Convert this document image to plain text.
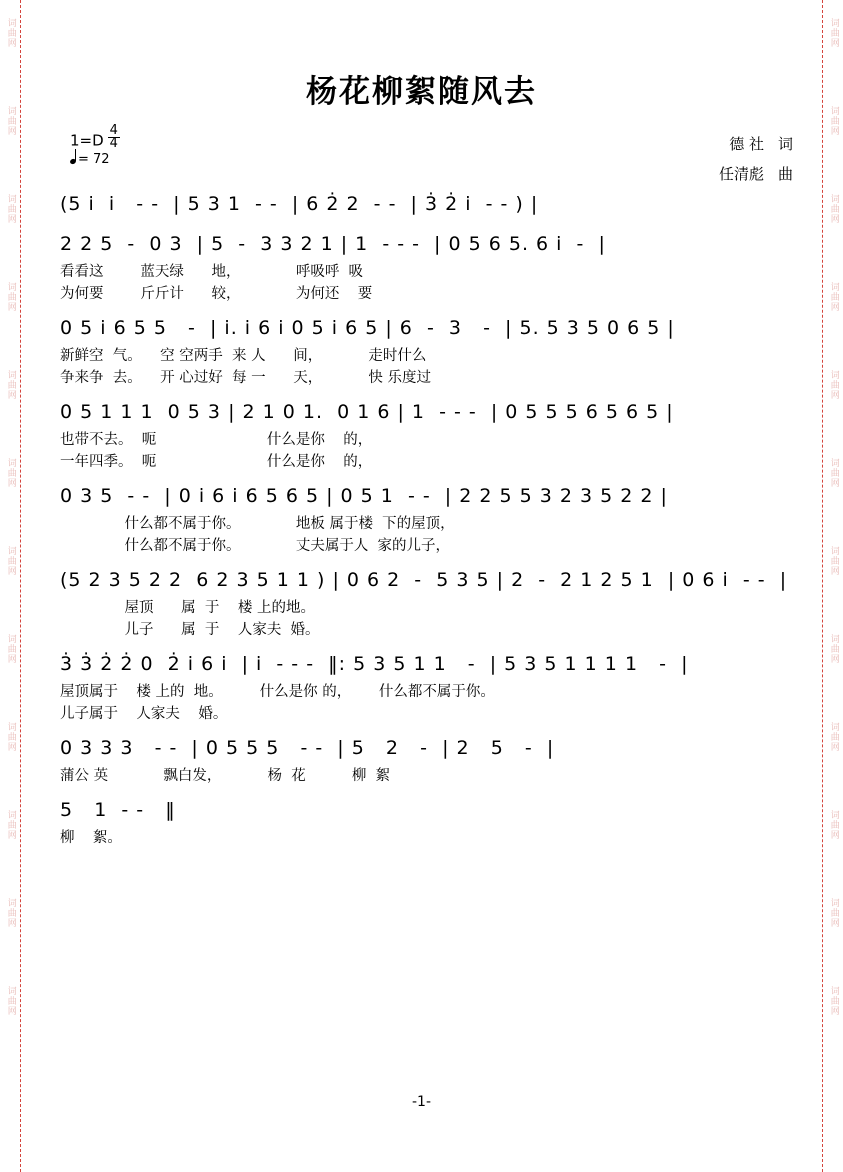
词曲网
词曲网
词曲网
词曲网
词曲网
词曲网
词曲网
词曲网
词曲网
词曲网
词曲网
词曲网
词曲网
词曲网
词曲网
词曲网
词曲网
词曲网
词曲网
词曲网
词曲网
词曲网
词曲网
词曲网
杨花柳絮随风去
$1=D \frac{4}{4}$
= 72
德 社 词
任清彪 曲
(5 i  i   - -  | 5 3 1  - -  | 6 2̇ 2  - -  | 3̇ 2̇ i  - - ) |
2 2 5  -  0 3  | 5  -  3 3 2 1 | 1  - - -  | 0 5 6 5. 6 i  -  |
看看这        蓝天绿      地，            呼吸呼  吸
为何要        斤斤计      较，            为何还    要
0 5 i 6 5 5   -  | i. i 6 i 0 5 i 6 5 | 6  -  3   -  | 5. 5 3 5 0 6 5 |
新鲜空  气。    空 空两手  来 人      间，          走时什么
争来争  去。    开 心过好  每 一      天，          快 乐度过
0 5 1 1 1  0 5 3 | 2 1 0 1.  0 1 6 | 1  - - -  | 0 5 5 5 6 5 6 5 |
也带不去。  呃                        什么是你    的，
一年四季。  呃                        什么是你    的，
0 3 5  - -  | 0 i 6 i 6 5 6 5 | 0 5 1  - -  | 2 2 5 5 3 2 3 5 2 2 |
什么都不属于你。            地板 属于楼  下的屋顶，
什么都不属于你。            丈夫属于人  家的儿子，
(5 2 3 5 2 2  6 2 3 5 1 1 ) | 0 6 2  -  5 3 5 | 2  -  2 1 2 5 1  | 0 6 i  - -  |
屋顶      属  于    楼 上的地。
儿子      属  于    人家夫  婚。
3̇ 3̇ 2̇ 2̇ 0  2̇ i 6 i  | i  - - -  ‖: 5 3 5 1 1   -  | 5 3 5 1 1 1 1   -  |
屋顶属于    楼 上的  地。        什么是你 的，      什么都不属于你。
儿子属于    人家夫    婚。
0 3 3 3   - -  | 0 5 5 5   - -  | 5   2   -  | 2   5   -  |
蒲公 英            飘白发，          杨  花          柳  絮
5   1  - -   ‖
柳    絮。
-1-
